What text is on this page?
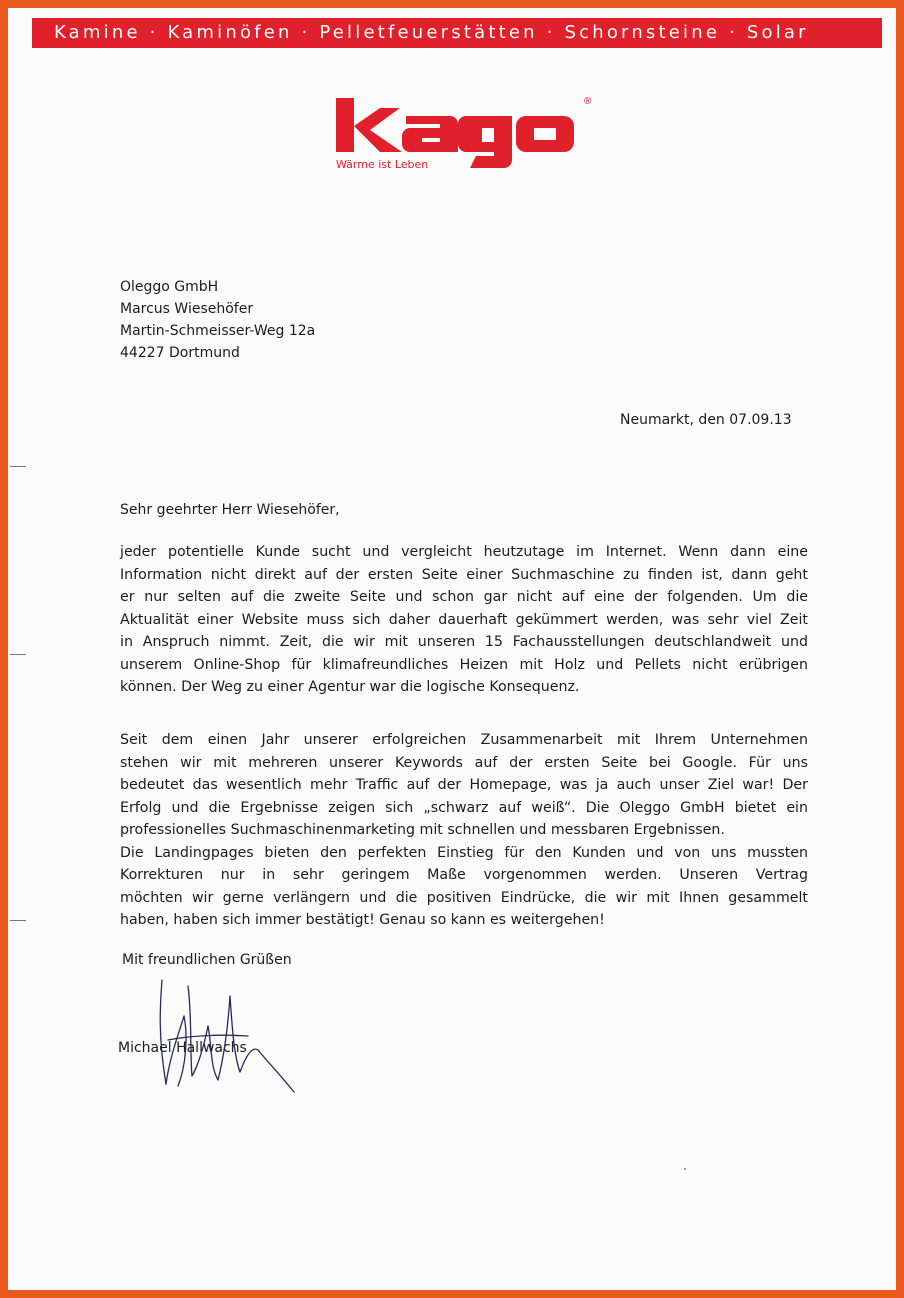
Kamine · Kaminöfen · Pelletfeuerstätten · Schornsteine · Solar
®
Wärme ist Leben
Oleggo GmbH
Marcus Wiesehöfer
Martin-Schmeisser-Weg 12a
44227 Dortmund
Neumarkt, den 07.09.13
Sehr geehrter Herr Wiesehöfer,
jeder potentielle Kunde sucht und vergleicht heutzutage im Internet. Wenn dann eine
Information nicht direkt auf der ersten Seite einer Suchmaschine zu finden ist, dann geht
er nur selten auf die zweite Seite und schon gar nicht auf eine der folgenden. Um die
Aktualität einer Website muss sich daher dauerhaft gekümmert werden, was sehr viel Zeit
in Anspruch nimmt. Zeit, die wir mit unseren 15 Fachausstellungen deutschlandweit und
unserem Online-Shop für klimafreundliches Heizen mit Holz und Pellets nicht erübrigen
können. Der Weg zu einer Agentur war die logische Konsequenz.
Seit dem einen Jahr unserer erfolgreichen Zusammenarbeit mit Ihrem Unternehmen
stehen wir mit mehreren unserer Keywords auf der ersten Seite bei Google. Für uns
bedeutet das wesentlich mehr Traffic auf der Homepage, was ja auch unser Ziel war! Der
Erfolg und die Ergebnisse zeigen sich „schwarz auf weiß“. Die Oleggo GmbH bietet ein
professionelles Suchmaschinenmarketing mit schnellen und messbaren Ergebnissen.
Die Landingpages bieten den perfekten Einstieg für den Kunden und von uns mussten
Korrekturen nur in sehr geringem Maße vorgenommen werden. Unseren Vertrag
möchten wir gerne verlängern und die positiven Eindrücke, die wir mit Ihnen gesammelt
haben, haben sich immer bestätigt! Genau so kann es weitergehen!
Mit freundlichen Grüßen
Michael Hallwachs
